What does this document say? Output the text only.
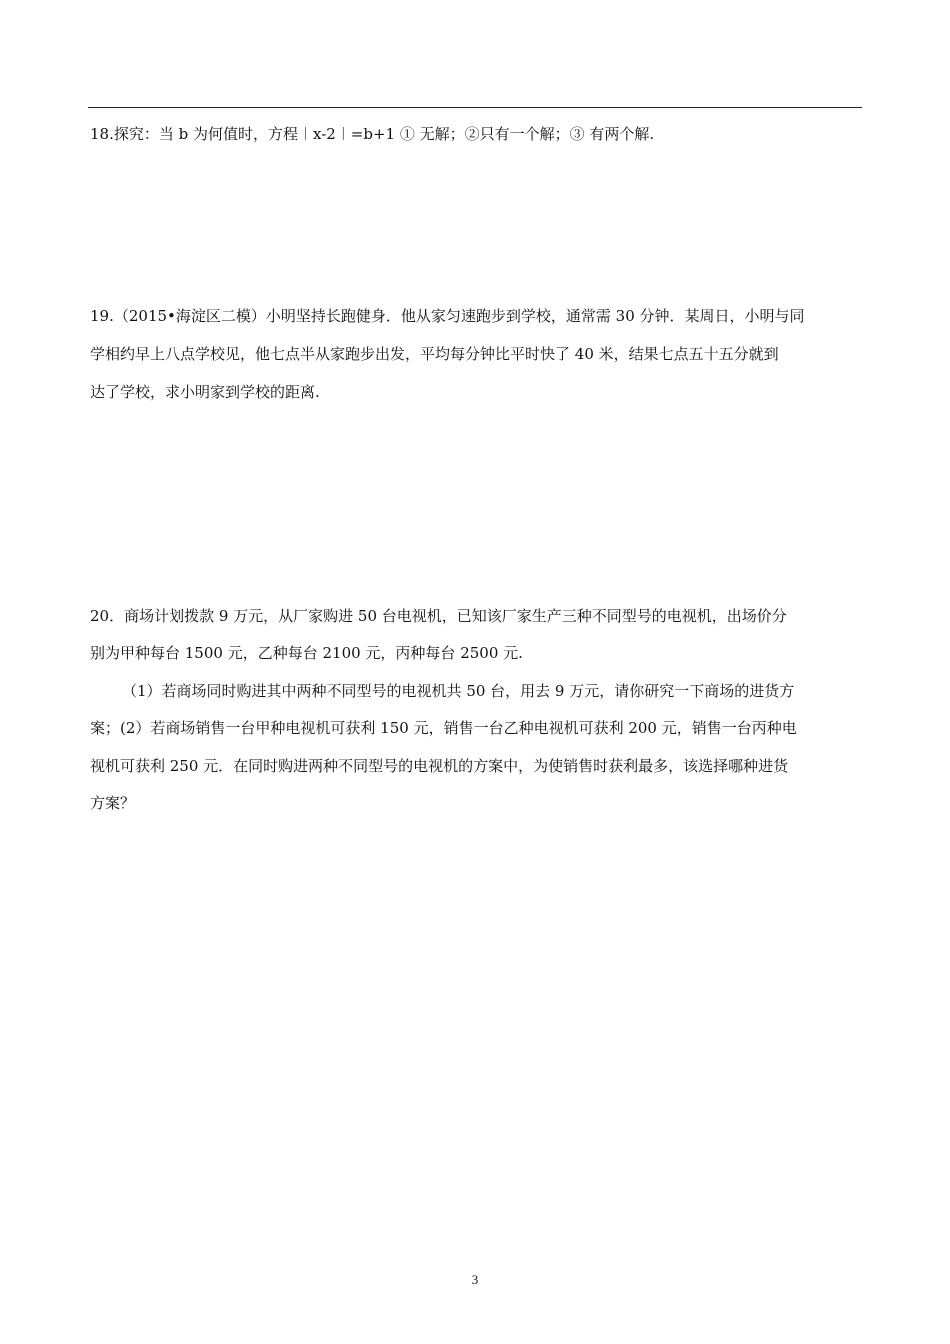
18.探究：当 b 为何值时，方程︱x-2︱=b+1 ① 无解；②只有一个解；③ 有两个解.
19.（2015•海淀区二模）小明坚持长跑健身．他从家匀速跑步到学校，通常需 30 分钟．某周日，小明与同
学相约早上八点学校见，他七点半从家跑步出发，平均每分钟比平时快了 40 米，结果七点五十五分就到
达了学校，求小明家到学校的距离.
20．商场计划拨款 9 万元，从厂家购进 50 台电视机，已知该厂家生产三种不同型号的电视机，出场价分
别为甲种每台 1500 元，乙种每台 2100 元，丙种每台 2500 元.
（1）若商场同时购进其中两种不同型号的电视机共 50 台，用去 9 万元，请你研究一下商场的进货方
案；(2）若商场销售一台甲种电视机可获利 150 元，销售一台乙种电视机可获利 200 元，销售一台丙种电
视机可获利 250 元．在同时购进两种不同型号的电视机的方案中，为使销售时获利最多，该选择哪种进货
方案？
3
